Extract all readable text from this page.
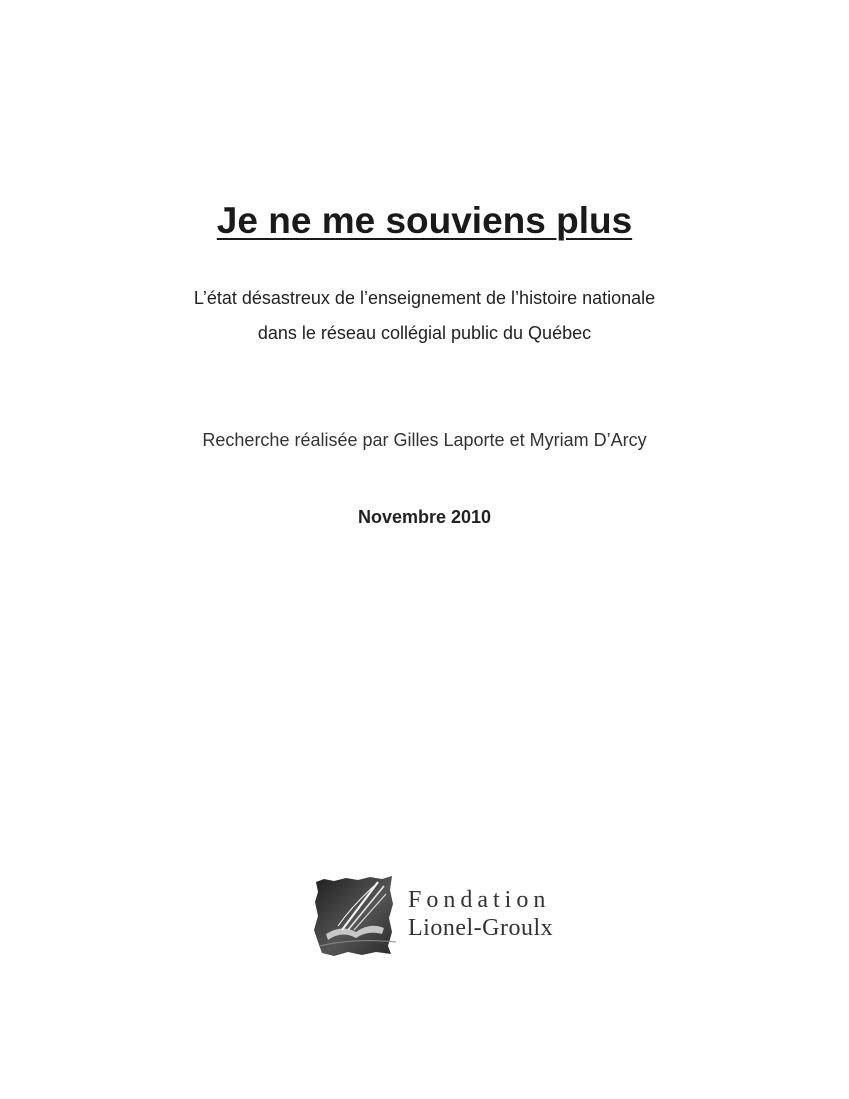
Je ne me souviens plus

L’état désastreux de l’enseignement de l’histoire nationale
dans le réseau collégial public du Québec

Recherche réalisée par Gilles Laporte et Myriam D’Arcy

Novembre 2010

Fondation
Lionel-Groulx
